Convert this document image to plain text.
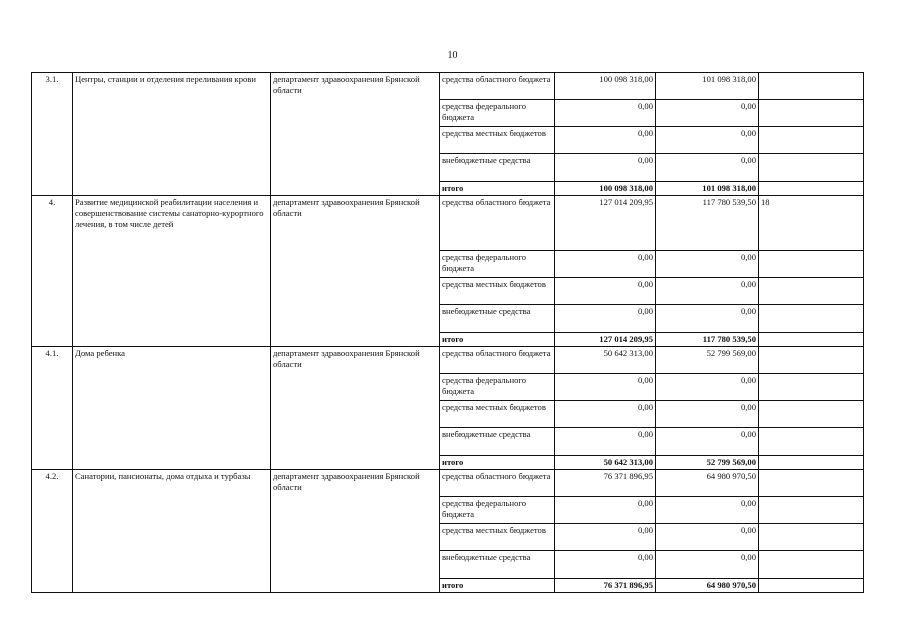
10
3.1.	Центры, станции и отделения переливания крови	департамент здравоохранения Брянской области	средства областного бюджета	100 098 318,00	101 098 318,00	
			средства федерального бюджета	0,00	0,00	
			средства местных бюджетов	0,00	0,00	
			внебюджетные средства	0,00	0,00	
			итого	100 098 318,00	101 098 318,00	
4.	Развитие медицинской реабилитации населения и совершенствование системы санаторно-курортного лечения, в том числе детей	департамент здравоохранения Брянской области	средства областного бюджета	127 014 209,95	117 780 539,50	18
			средства федерального бюджета	0,00	0,00	
			средства местных бюджетов	0,00	0,00	
			внебюджетные средства	0,00	0,00	
			итого	127 014 209,95	117 780 539,50	
4.1.	Дома ребенка	департамент здравоохранения Брянской области	средства областного бюджета	50 642 313,00	52 799 569,00	
			средства федерального бюджета	0,00	0,00	
			средства местных бюджетов	0,00	0,00	
			внебюджетные средства	0,00	0,00	
			итого	50 642 313,00	52 799 569,00	
4.2.	Санатории, пансионаты, дома отдыха и турбазы	департамент здравоохранения Брянской области	средства областного бюджета	76 371 896,95	64 980 970,50	
			средства федерального бюджета	0,00	0,00	
			средства местных бюджетов	0,00	0,00	
			внебюджетные средства	0,00	0,00	
			итого	76 371 896,95	64 980 970,50	
